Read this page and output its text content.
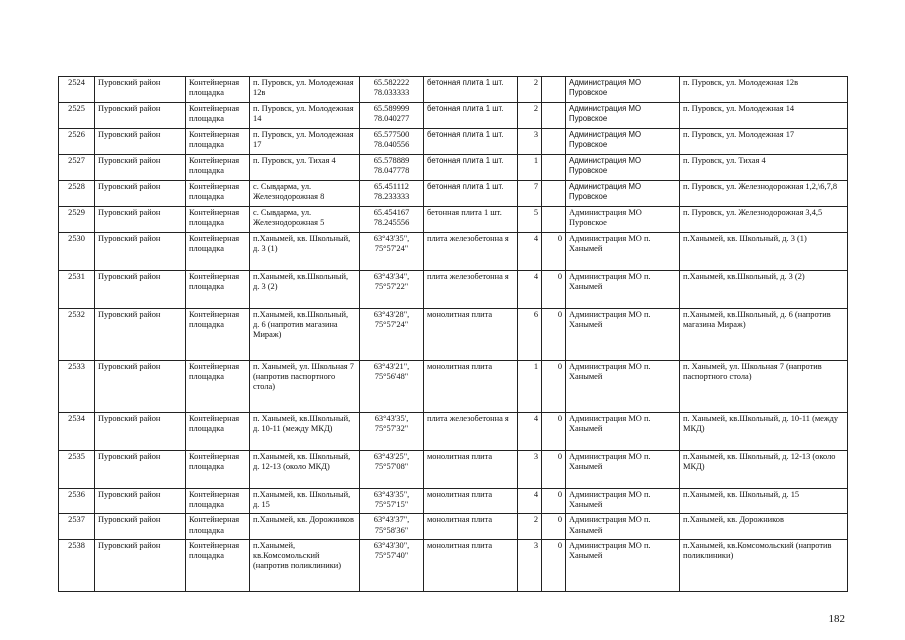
2524	Пуровский район	Контейнерная площадка	п. Пуровск, ул. Молодежная 12в	65.582222 78.033333	бетонная плита 1 шт.	2		Администрация МО Пуровское	п. Пуровск, ул. Молодежная 12в
2525	Пуровский район	Контейнерная площадка	п. Пуровск, ул. Молодежная 14	65.589999 78.040277	бетонная плита 1 шт.	2		Администрация МО Пуровское	п. Пуровск, ул. Молодежная 14
2526	Пуровский район	Контейнерная площадка	п. Пуровск, ул. Молодежная 17	65.577500 78.040556	бетонная плита 1 шт.	3		Администрация МО Пуровское	п. Пуровск, ул. Молодежная 17
2527	Пуровский район	Контейнерная площадка	п. Пуровск, ул. Тихая 4	65.578889 78.047778	бетонная плита 1 шт.	1		Администрация МО Пуровское	п. Пуровск, ул. Тихая 4
2528	Пуровский район	Контейнерная площадка	с. Сывдарма, ул. Железнодорожная 8	65.451112 78.233333	бетонная плита 1 шт.	7		Администрация МО Пуровское	п. Пуровск, ул. Железнодорожная 1,2,\6,7,8
2529	Пуровский район	Контейнерная площадка	с. Сывдарма, ул. Железнодорожная 5	65.454167 78.245556	бетонная плита 1 шт.	5		Администрация МО Пуровское	п. Пуровск, ул. Железнодорожная 3,4,5
2530	Пуровский район	Контейнерная площадка	п.Ханымей, кв. Школьный, д. 3 (1)	63°43'35", 75°57'24"	плита железобетонна я	4	0	Администрация МО п. Ханымей	п.Ханымей, кв. Школьный, д. 3 (1)
2531	Пуровский район	Контейнерная площадка	п.Ханымей, кв.Школьный, д. 3 (2)	63°43'34", 75°57'22"	плита железобетонна я	4	0	Администрация МО п. Ханымей	п.Ханымей, кв.Школьный, д. 3 (2)
2532	Пуровский район	Контейнерная площадка	п.Ханымей, кв.Школьный, д. 6 (напротив магазина Мираж)	63°43'28", 75°57'24"	монолитная плита	6	0	Администрация МО п. Ханымей	п.Ханымей, кв.Школьный, д. 6 (напротив магазина Мираж)
2533	Пуровский район	Контейнерная площадка	п. Ханымей, ул. Школьная 7 (напротив паспортного стола)	63°43'21", 75°56'48"	монолитная плита	1	0	Администрация МО п. Ханымей	п. Ханымей, ул. Школьная 7 (напротив паспортного стола)
2534	Пуровский район	Контейнерная площадка	п. Ханымей, кв.Школьный, д. 10-11 (между МКД)	63°43'35', 75°57'32"	плита железобетонна я	4	0	Администрация МО п. Ханымей	п. Ханымей, кв.Школьный, д. 10-11 (между МКД)
2535	Пуровский район	Контейнерная площадка	п.Ханымей, кв. Школьный, д. 12-13 (около МКД)	63°43'25", 75°57'08"	монолитная плита	3	0	Администрация МО п. Ханымей	п.Ханымей, кв. Школьный, д. 12-13 (около МКД)
2536	Пуровский район	Контейнерная площадка	п.Ханымей, кв. Школьный, д. 15	63°43'35", 75°57'15"	монолитная плита	4	0	Администрация МО п. Ханымей	п.Ханымей, кв. Школьный, д. 15
2537	Пуровский район	Контейнерная площадка	п.Ханымей, кв. Дорожников	63°43'37", 75°58'36"	монолитная плита	2	0	Администрация МО п. Ханымей	п.Ханымей, кв. Дорожников
2538	Пуровский район	Контейнерная площадка	п.Ханымей, кв.Комсомольский (напротив поликлиники)	63°43'30", 75°57'40"	монолитная плита	3	0	Администрация МО п. Ханымей	п.Ханымей, кв.Комсомольский (напротив поликлиники)
182
